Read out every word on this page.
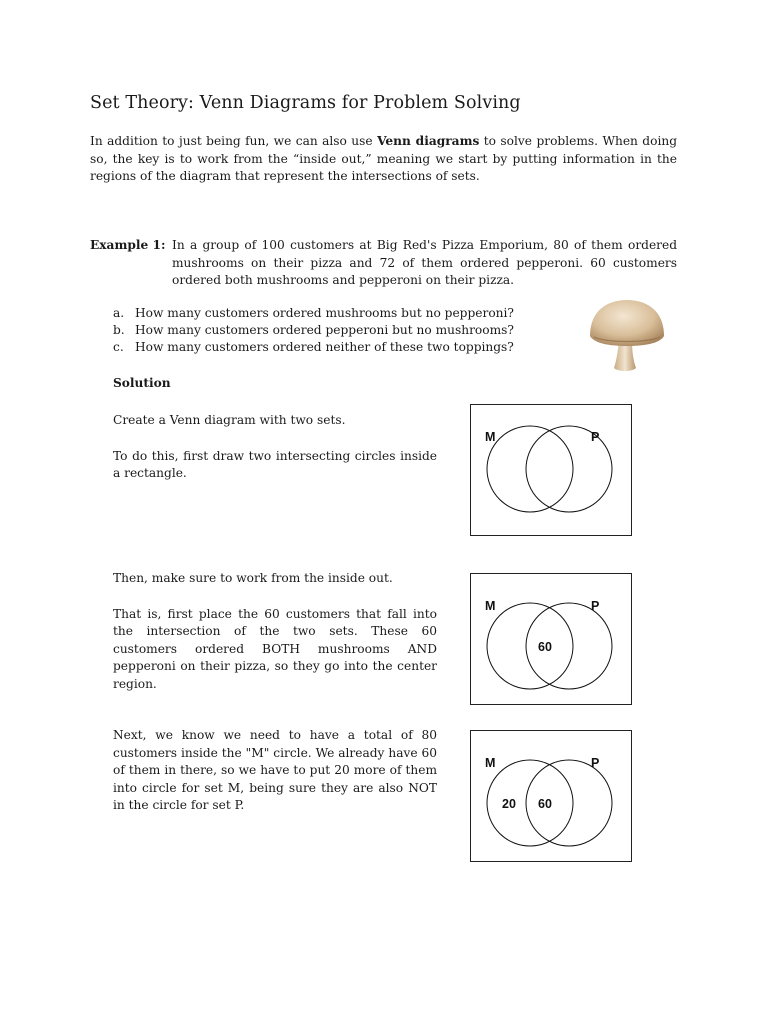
Set Theory: Venn Diagrams for Problem Solving

In addition to just being fun, we can also use Venn diagrams to solve problems. When doing so, the key is to work from the “inside out,” meaning we start by putting information in the regions of the diagram that represent the intersections of sets.

Example 1: In a group of 100 customers at Big Red's Pizza Emporium, 80 of them ordered mushrooms on their pizza and 72 of them ordered pepperoni. 60 customers ordered both mushrooms and pepperoni on their pizza.

a. How many customers ordered mushrooms but no pepperoni?
b. How many customers ordered pepperoni but no mushrooms?
c. How many customers ordered neither of these two toppings?
Solution

Create a Venn diagram with two sets.

To do this, first draw two intersecting circles inside a rectangle.

M	P

Then, make sure to work from the inside out.

That is, first place the 60 customers that fall into the intersection of the two sets. These 60 customers ordered BOTH mushrooms AND pepperoni on their pizza, so they go into the center region.

M	P
60

Next, we know we need to have a total of 80 customers inside the "M" circle. We already have 60 of them in there, so we have to put 20 more of them into circle for set M, being sure they are also NOT in the circle for set P.

M	P
20 60
